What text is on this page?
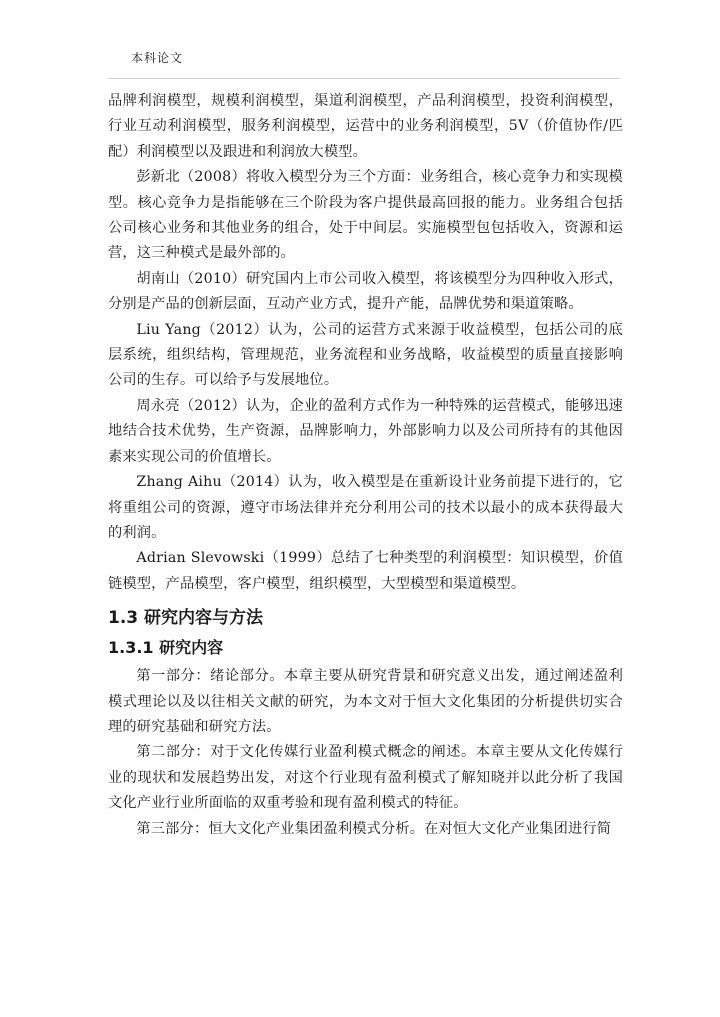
本科论文

品牌利润模型，规模利润模型，渠道利润模型，产品利润模型，投资利润模型，行业互动利润模型，服务利润模型，运营中的业务利润模型，5V（价值协作/匹配）利润模型以及跟进和利润放大模型。

彭新北（2008）将收入模型分为三个方面：业务组合，核心竞争力和实现模型。核心竞争力是指能够在三个阶段为客户提供最高回报的能力。业务组合包括公司核心业务和其他业务的组合，处于中间层。实施模型包包括收入，资源和运营，这三种模式是最外部的。

胡南山（2010）研究国内上市公司收入模型，将该模型分为四种收入形式，分别是产品的创新层面，互动产业方式，提升产能，品牌优势和渠道策略。

Liu Yang（2012）认为，公司的运营方式来源于收益模型，包括公司的底层系统，组织结构，管理规范，业务流程和业务战略，收益模型的质量直接影响公司的生存。可以给予与发展地位。

周永亮（2012）认为，企业的盈利方式作为一种特殊的运营模式，能够迅速地结合技术优势，生产资源，品牌影响力，外部影响力以及公司所持有的其他因素来实现公司的价值增长。

Zhang Aihu（2014）认为，收入模型是在重新设计业务前提下进行的，它将重组公司的资源，遵守市场法律并充分利用公司的技术以最小的成本获得最大的利润。

Adrian Slevowski（1999）总结了七种类型的利润模型：知识模型，价值链模型，产品模型，客户模型，组织模型，大型模型和渠道模型。

1.3 研究内容与方法
1.3.1 研究内容

第一部分：绪论部分。本章主要从研究背景和研究意义出发，通过阐述盈利模式理论以及以往相关文献的研究，为本文对于恒大文化集团的分析提供切实合理的研究基础和研究方法。

第二部分：对于文化传媒行业盈利模式概念的阐述。本章主要从文化传媒行业的现状和发展趋势出发，对这个行业现有盈利模式了解知晓并以此分析了我国文化产业行业所面临的双重考验和现有盈利模式的特征。

第三部分：恒大文化产业集团盈利模式分析。在对恒大文化产业集团进行简
